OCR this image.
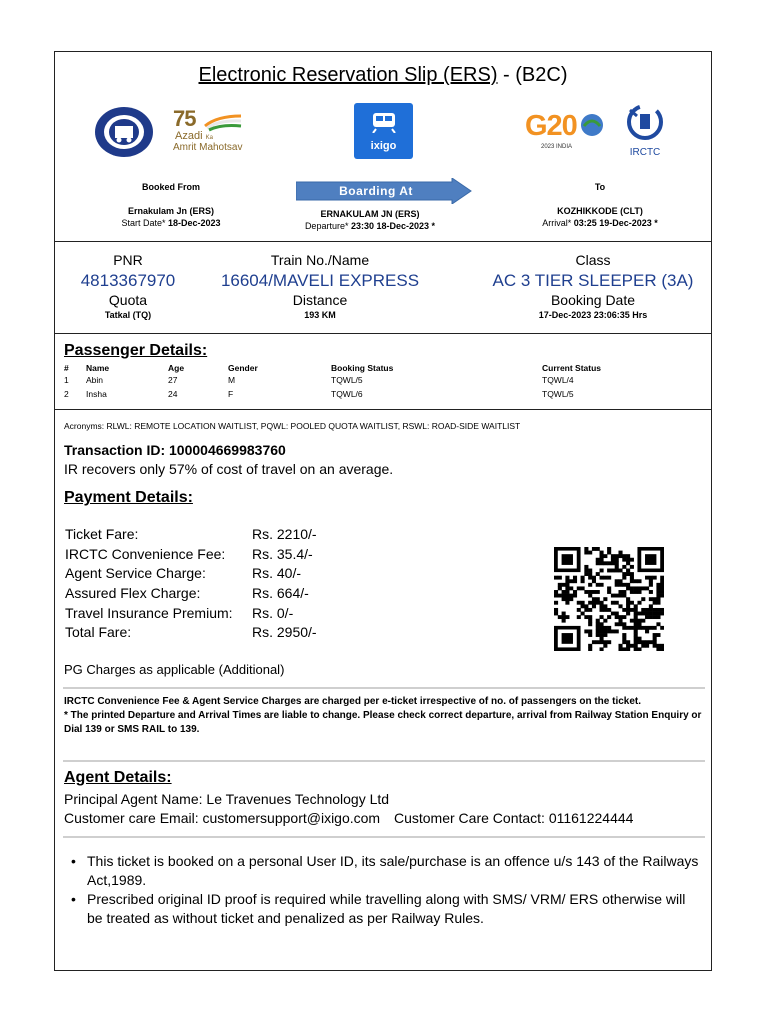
Electronic Reservation Slip (ERS) - (B2C)
75
Azadi Ka
Amrit Mahotsav	ixigo
G20
2023 INDIA	IRCTC
Booked From
Ernakulam Jn (ERS)
Start Date* 18-Dec-2023
Boarding At
ERNAKULAM JN (ERS)
Departure* 23:30 18-Dec-2023 *
To
KOZHIKKODE (CLT)
Arrival* 03:25 19-Dec-2023 *
PNR
4813367970
Quota
Tatkal (TQ)
Train No./Name
16604/MAVELI EXPRESS
Distance
193 KM
Class
AC 3 TIER SLEEPER (3A)
Booking Date
17-Dec-2023 23:06:35 Hrs
Passenger Details:
#	Name	Age	Gender	Booking Status	Current Status
1	Abin	27	M	TQWL/5	TQWL/4
2	Insha	24	F	TQWL/6	TQWL/5
Acronyms: RLWL: REMOTE LOCATION WAITLIST, PQWL: POOLED QUOTA WAITLIST, RSWL: ROAD-SIDE WAITLIST
Transaction ID: 100004669983760
IR recovers only 57% of cost of travel on an average.
Payment Details:
Ticket Fare:	Rs. 2210/-
IRCTC Convenience Fee: Rs. 35.4/-
Agent Service Charge:	Rs. 40/-
Assured Flex Charge:	Rs. 664/-
Travel Insurance Premium: Rs. 0/-
Total Fare:	Rs. 2950/-
PG Charges as applicable (Additional)
IRCTC Convenience Fee & Agent Service Charges are charged per e-ticket irrespective of no. of passengers on the ticket.
* The printed Departure and Arrival Times are liable to change. Please check correct departure, arrival from Railway Station Enquiry or Dial 139 or SMS RAIL to 139.
Agent Details:
Principal Agent Name: Le Travenues Technology Ltd
Customer care Email: customersupport@ixigo.com Customer Care Contact: 01161224444
• This ticket is booked on a personal User ID, its sale/purchase is an offence u/s 143 of the Railways Act,1989.
• Prescribed original ID proof is required while travelling along with SMS/ VRM/ ERS otherwise will be treated as without ticket and penalized as per Railway Rules.
